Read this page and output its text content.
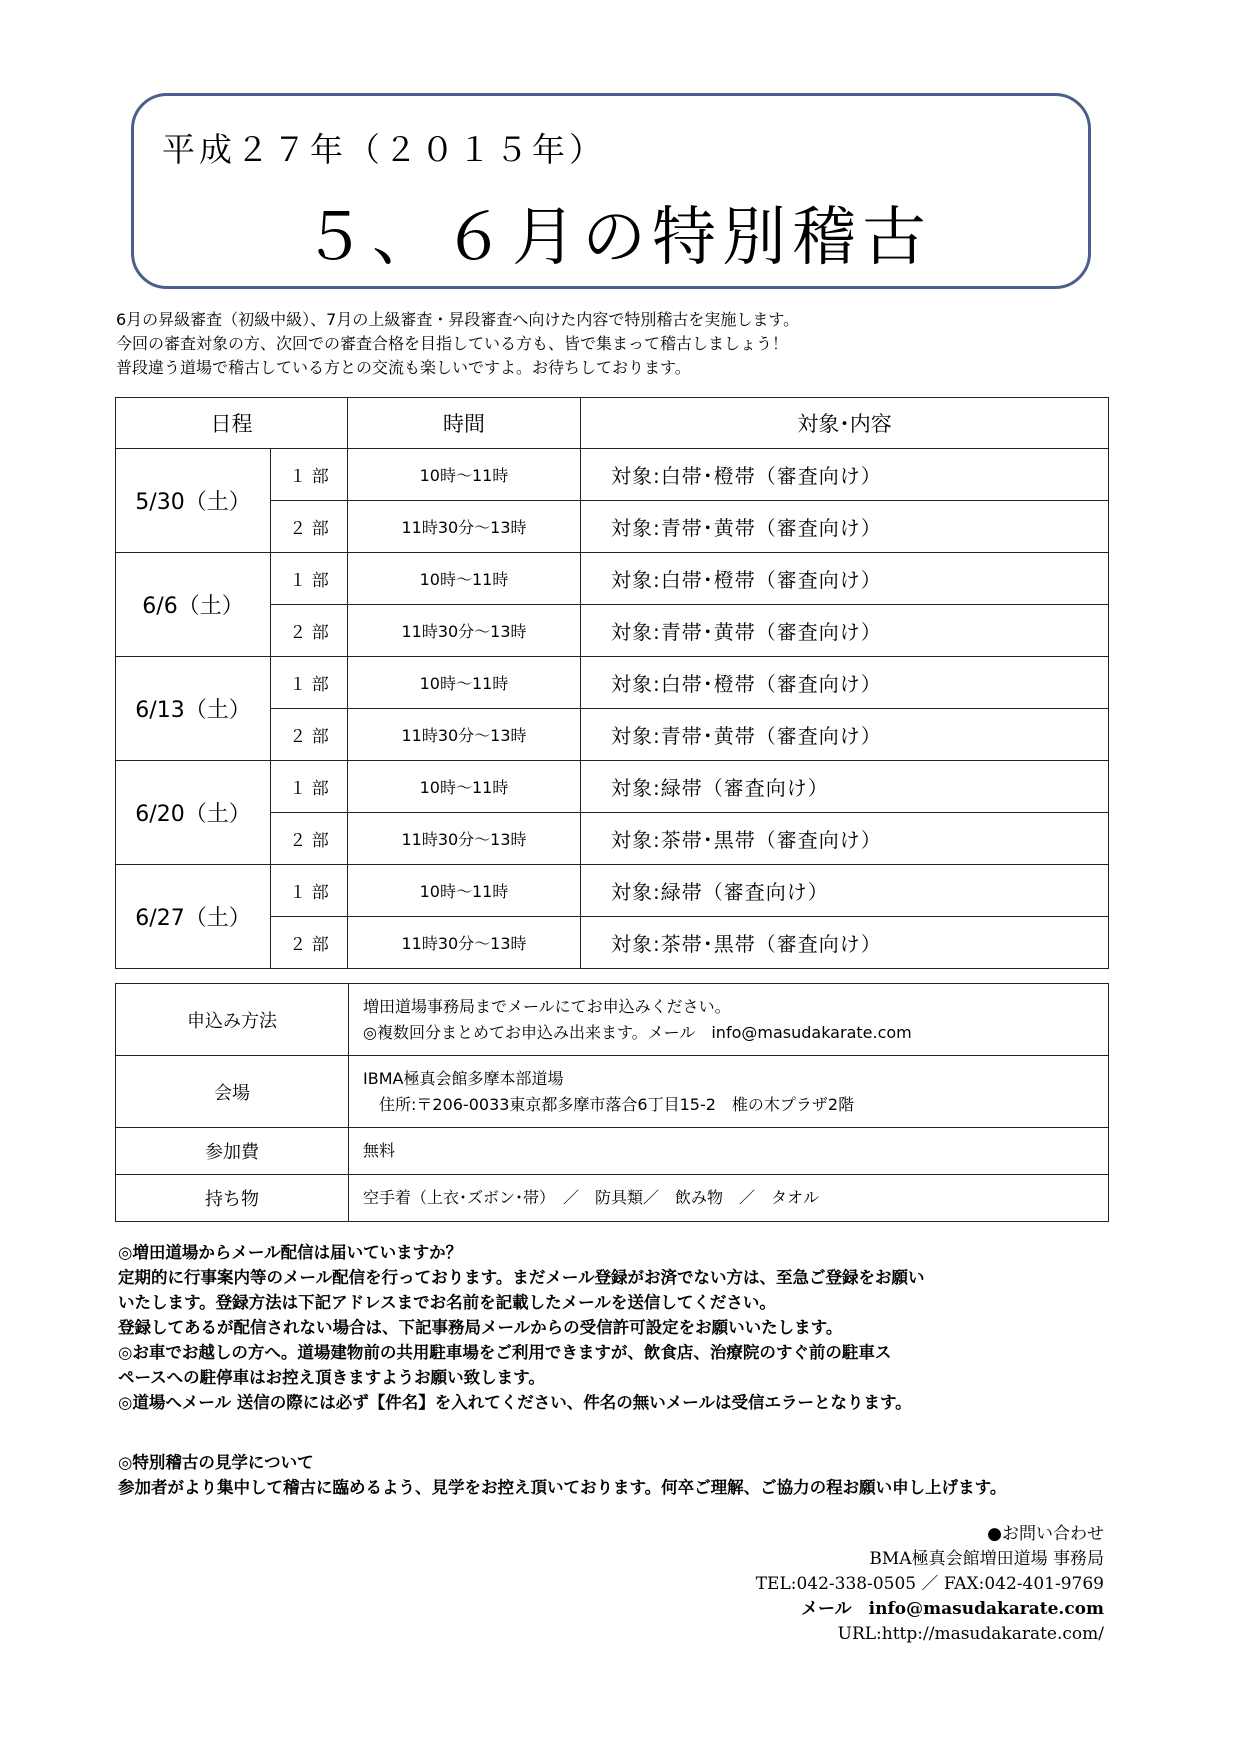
平成２７年（２０１５年）
５、６月の特別稽古
6月の昇級審査（初級中級）、7月の上級審査・昇段審査へ向けた内容で特別稽古を実施します。
今回の審査対象の方、次回での審査合格を目指している方も、皆で集まって稽古しましょう！
普段違う道場で稽古している方との交流も楽しいですよ。お待ちしております。
日程		時間	対象･内容
5/30（土）	１ 部	10時～11時	対象:白帯･橙帯（審査向け）
	２ 部	11時30分～13時	対象:青帯･黄帯（審査向け）
6/6（土）	１ 部	10時～11時	対象:白帯･橙帯（審査向け）
	２ 部	11時30分～13時	対象:青帯･黄帯（審査向け）
6/13（土）	１ 部	10時～11時	対象:白帯･橙帯（審査向け）
	２ 部	11時30分～13時	対象:青帯･黄帯（審査向け）
6/20（土）	１ 部	10時～11時	対象:緑帯（審査向け）
	２ 部	11時30分～13時	対象:茶帯･黒帯（審査向け）
6/27（土）	１ 部	10時～11時	対象:緑帯（審査向け）
	２ 部	11時30分～13時	対象:茶帯･黒帯（審査向け）
申込み方法	増田道場事務局までメールにてお申込みください。
◎複数回分まとめてお申込み出来ます。メール　info@masudakarate.com

会場	IBMA極真会館多摩本部道場
　住所:〒206-0033東京都多摩市落合6丁目15-2　椎の木プラザ2階

参加費	無料
持ち物	空手着（上衣･ズボン･帯）　／　防具類／　飲み物　／　タオル
◎増田道場からメール配信は届いていますか？
定期的に行事案内等のメール配信を行っております。まだメール登録がお済でない方は、至急ご登録をお願い
いたします。登録方法は下記アドレスまでお名前を記載したメールを送信してください。
登録してあるが配信されない場合は、下記事務局メールからの受信許可設定をお願いいたします。
◎お車でお越しの方へ。道場建物前の共用駐車場をご利用できますが、飲食店、治療院のすぐ前の駐車ス
ペースへの駐停車はお控え頂きますようお願い致します。
◎道場へメール 送信の際には必ず【件名】を入れてください、件名の無いメールは受信エラーとなります。
◎特別稽古の見学について
参加者がより集中して稽古に臨めるよう、見学をお控え頂いております。何卒ご理解、ご協力の程お願い申し上げます。
●お問い合わせ
BMA極真会館増田道場 事務局
TEL:042-338-0505 ／ FAX:042-401-9769
メール　info@masudakarate.com
URL:http://masudakarate.com/
